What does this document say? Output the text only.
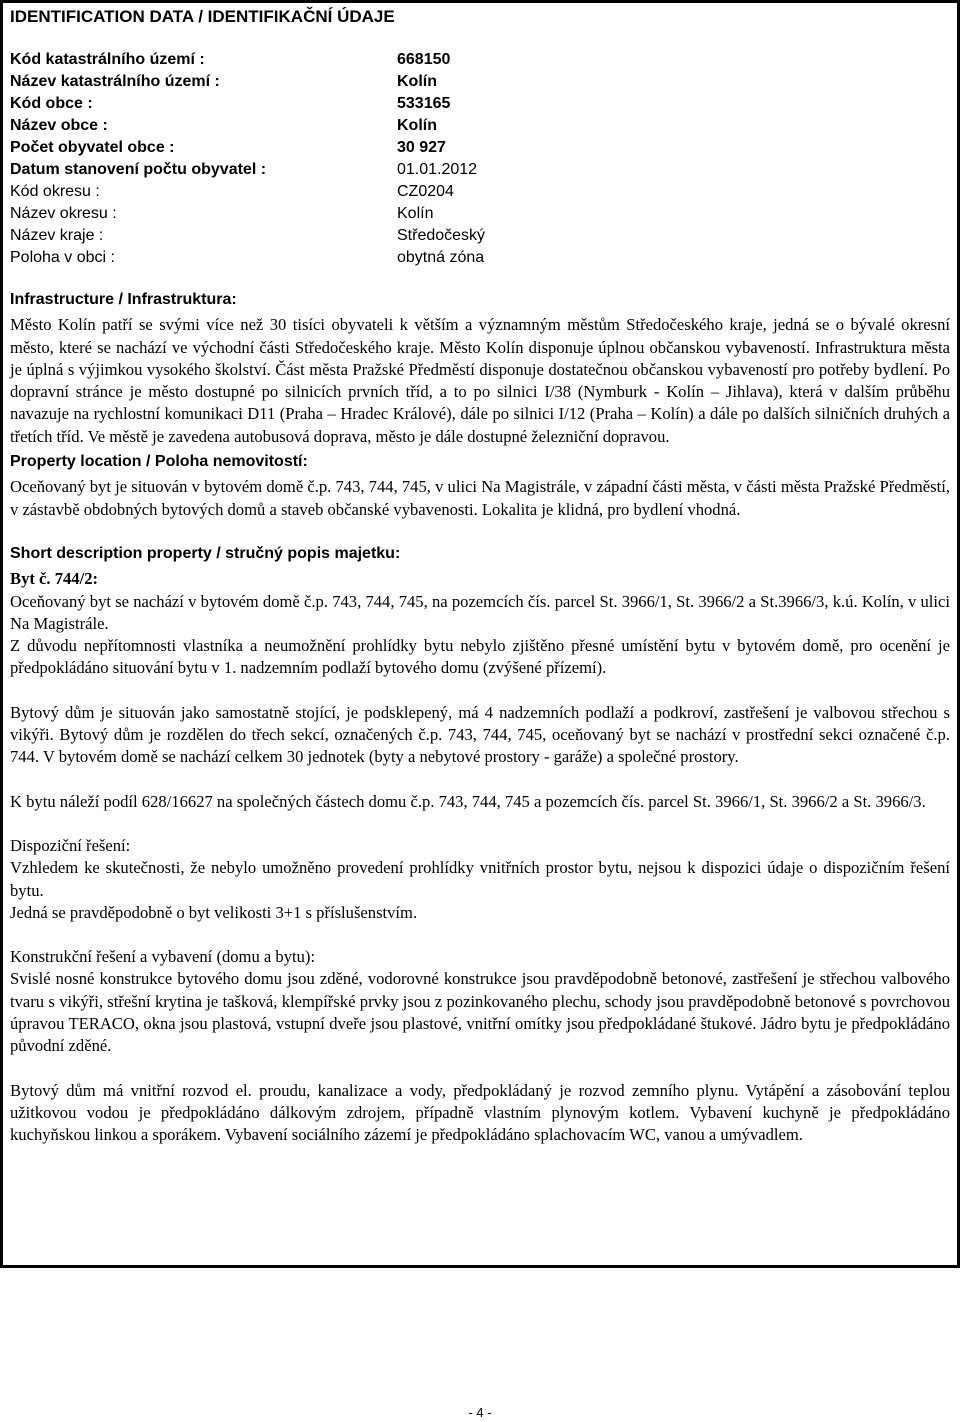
IDENTIFICATION DATA / IDENTIFIKAČNÍ ÚDAJE
Kód katastrálního území :	668150
Název katastrálního území :	Kolín
Kód obce :	533165
Název obce :	Kolín
Počet obyvatel obce :	30 927
Datum stanovení počtu obyvatel :	01.01.2012
Kód okresu :	CZ0204
Název okresu :	Kolín
Název kraje :	Středočeský
Poloha v obci :	obytná zóna
Infrastructure / Infrastruktura:

Město Kolín patří se svými více než 30 tisíci obyvateli k větším a významným městům Středočeského kraje, jedná se o bývalé okresní město, které se nachází ve východní části Středočeského kraje. Město Kolín disponuje úplnou občanskou vybaveností. Infrastruktura města je úplná s výjimkou vysokého školství. Část města Pražské Předměstí disponuje dostatečnou občanskou vybaveností pro potřeby bydlení. Po dopravní stránce je město dostupné po silnicích prvních tříd, a to po silnici I/38 (Nymburk - Kolín – Jihlava), která v dalším průběhu navazuje na rychlostní komunikaci D11 (Praha – Hradec Králové), dále po silnici I/12 (Praha – Kolín) a dále po dalších silničních druhých a třetích tříd. Ve městě je zavedena autobusová doprava, město je dále dostupné železniční dopravou.

Property location / Poloha nemovitostí:

Oceňovaný byt je situován v bytovém domě č.p. 743, 744, 745, v ulici Na Magistrále, v západní části města, v části města Pražské Předměstí, v zástavbě obdobných bytových domů a staveb občanské vybavenosti. Lokalita je klidná, pro bydlení vhodná.

Short description property / stručný popis majetku:
Byt č. 744/2:

Oceňovaný byt se nachází v bytovém domě č.p. 743, 744, 745, na pozemcích čís. parcel St. 3966/1, St. 3966/2 a St.3966/3, k.ú. Kolín, v ulici Na Magistrále.

Z důvodu nepřítomnosti vlastníka a neumožnění prohlídky bytu nebylo zjištěno přesné umístění bytu v bytovém domě, pro ocenění je předpokládáno situování bytu v 1. nadzemním podlaží bytového domu (zvýšené přízemí).

Bytový dům je situován jako samostatně stojící, je podsklepený, má 4 nadzemních podlaží a podkroví, zastřešení je valbovou střechou s vikýři. Bytový dům je rozdělen do třech sekcí, označených č.p. 743, 744, 745, oceňovaný byt se nachází v prostřední sekci označené č.p. 744. V bytovém domě se nachází celkem 30 jednotek (byty a nebytové prostory - garáže) a společné prostory.

K bytu náleží podíl 628/16627 na společných částech domu č.p. 743, 744, 745 a pozemcích čís. parcel St. 3966/1, St. 3966/2 a St. 3966/3.

Dispoziční řešení:

Vzhledem ke skutečnosti, že nebylo umožněno provedení prohlídky vnitřních prostor bytu, nejsou k dispozici údaje o dispozičním řešení bytu.

Jedná se pravděpodobně o byt velikosti 3+1 s příslušenstvím.

Konstrukční řešení a vybavení (domu a bytu):

Svislé nosné konstrukce bytového domu jsou zděné, vodorovné konstrukce jsou pravděpodobně betonové, zastřešení je střechou valbového tvaru s vikýři, střešní krytina je tašková, klempířské prvky jsou z pozinkovaného plechu, schody jsou pravděpodobně betonové s povrchovou úpravou TERACO, okna jsou plastová, vstupní dveře jsou plastové, vnitřní omítky jsou předpokládané štukové. Jádro bytu je předpokládáno původní zděné.

Bytový dům má vnitřní rozvod el. proudu, kanalizace a vody, předpokládaný je rozvod zemního plynu. Vytápění a zásobování teplou užitkovou vodou je předpokládáno dálkovým zdrojem, případně vlastním plynovým kotlem. Vybavení kuchyně je předpokládáno kuchyňskou linkou a sporákem. Vybavení sociálního zázemí je předpokládáno splachovacím WC, vanou a umývadlem.

- 4 -
